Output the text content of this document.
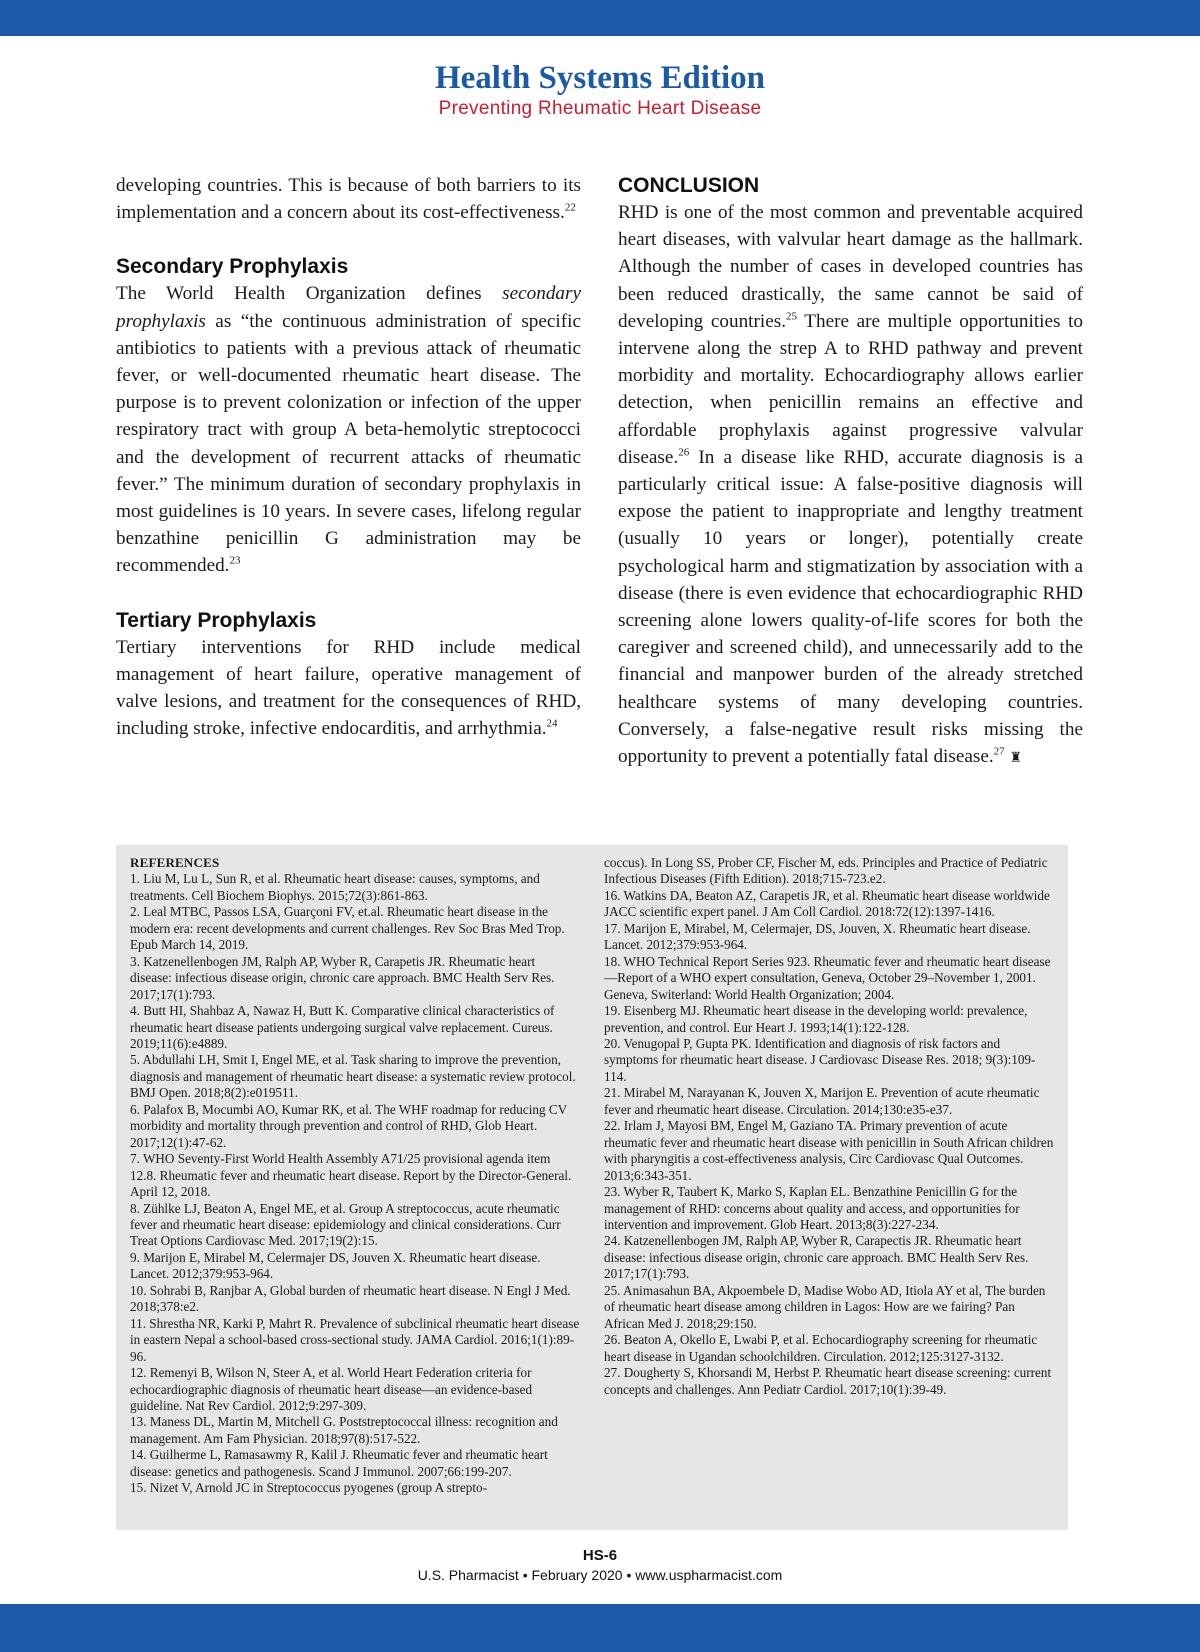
Health Systems Edition
Preventing Rheumatic Heart Disease

developing countries. This is because of both barriers to its implementation and a concern about its cost-effectiveness.$^{22}$

Secondary Prophylaxis

The World Health Organization defines secondary prophylaxis as “the continuous administration of specific antibiotics to patients with a previous attack of rheumatic fever, or well-documented rheumatic heart disease. The purpose is to prevent colonization or infection of the upper respiratory tract with group A beta-hemolytic streptococci and the development of recurrent attacks of rheumatic fever.” The minimum duration of secondary prophylaxis in most guidelines is 10 years. In severe cases, lifelong regular benzathine penicillin G administration may be recommended.$^{23}$

Tertiary Prophylaxis

Tertiary interventions for RHD include medical management of heart failure, operative management of valve lesions, and treatment for the consequences of RHD, including stroke, infective endocarditis, and arrhythmia.$^{24}$

CONCLUSION

RHD is one of the most common and preventable acquired heart diseases, with valvular heart damage as the hallmark. Although the number of cases in developed countries has been reduced drastically, the same cannot be said of developing countries.$^{25}$ There are multiple opportunities to intervene along the strep A to RHD pathway and prevent morbidity and mortality. Echocardiography allows earlier detection, when penicillin remains an effective and affordable prophylaxis against progressive valvular disease.$^{26}$ In a disease like RHD, accurate diagnosis is a particularly critical issue: A false-positive diagnosis will expose the patient to inappropriate and lengthy treatment (usually 10 years or longer), potentially create psychological harm and stigmatization by association with a disease (there is even evidence that echocardiographic RHD screening alone lowers quality-of-life scores for both the caregiver and screened child), and unnecessarily add to the financial and manpower burden of the already stretched healthcare systems of many developing countries. Conversely, a false-negative result risks missing the opportunity to prevent a potentially fatal disease.$^{27}$ ♜

REFERENCES
1. Liu M, Lu L, Sun R, et al. Rheumatic heart disease: causes, symptoms, and treatments. Cell Biochem Biophys. 2015;72(3):861-863.
2. Leal MTBC, Passos LSA, Guarçoni FV, et.al. Rheumatic heart disease in the modern era: recent developments and current challenges. Rev Soc Bras Med Trop. Epub March 14, 2019.
3. Katzenellenbogen JM, Ralph AP, Wyber R, Carapetis JR. Rheumatic heart disease: infectious disease origin, chronic care approach. BMC Health Serv Res. 2017;17(1):793.
4. Butt HI, Shahbaz A, Nawaz H, Butt K. Comparative clinical characteristics of rheumatic heart disease patients undergoing surgical valve replacement. Cureus. 2019;11(6):e4889.
5. Abdullahi LH, Smit I, Engel ME, et al. Task sharing to improve the prevention, diagnosis and management of rheumatic heart disease: a systematic review protocol. BMJ Open. 2018;8(2):e019511.
6. Palafox B, Mocumbi AO, Kumar RK, et al. The WHF roadmap for reducing CV morbidity and mortality through prevention and control of RHD, Glob Heart. 2017;12(1):47-62.
7. WHO Seventy-First World Health Assembly A71/25 provisional agenda item 12.8. Rheumatic fever and rheumatic heart disease. Report by the Director-General. April 12, 2018.
8. Zühlke LJ, Beaton A, Engel ME, et al. Group A streptococcus, acute rheumatic fever and rheumatic heart disease: epidemiology and clinical considerations. Curr Treat Options Cardiovasc Med. 2017;19(2):15.
9. Marijon E, Mirabel M, Celermajer DS, Jouven X. Rheumatic heart disease. Lancet. 2012;379:953-964.
10. Sohrabi B, Ranjbar A, Global burden of rheumatic heart disease. N Engl J Med. 2018;378:e2.
11. Shrestha NR, Karki P, Mahrt R. Prevalence of subclinical rheumatic heart disease in eastern Nepal a school-based cross-sectional study. JAMA Cardiol. 2016;1(1):89-96.
12. Remenyi B, Wilson N, Steer A, et al. World Heart Federation criteria for echocardiographic diagnosis of rheumatic heart disease—an evidence-based guideline. Nat Rev Cardiol. 2012;9:297-309.
13. Maness DL, Martin M, Mitchell G. Poststreptococcal illness: recognition and management. Am Fam Physician. 2018;97(8):517-522.
14. Guilherme L, Ramasawmy R, Kalil J. Rheumatic fever and rheumatic heart disease: genetics and pathogenesis. Scand J Immunol. 2007;66:199-207.
15. Nizet V, Arnold JC in Streptococcus pyogenes (group A strepto-
coccus). In Long SS, Prober CF, Fischer M, eds. Principles and Practice of Pediatric Infectious Diseases (Fifth Edition). 2018;715-723.e2.
16. Watkins DA, Beaton AZ, Carapetis JR, et al. Rheumatic heart disease worldwide JACC scientific expert panel. J Am Coll Cardiol. 2018:72(12):1397-1416.
17. Marijon E, Mirabel, M, Celermajer, DS, Jouven, X. Rheumatic heart disease. Lancet. 2012;379:953-964.
18. WHO Technical Report Series 923. Rheumatic fever and rheumatic heart disease—Report of a WHO expert consultation, Geneva, October 29–November 1, 2001. Geneva, Switerland: World Health Organization; 2004.
19. Eisenberg MJ. Rheumatic heart disease in the developing world: prevalence, prevention, and control. Eur Heart J. 1993;14(1):122-128.
20. Venugopal P, Gupta PK. Identification and diagnosis of risk factors and symptoms for rheumatic heart disease. J Cardiovasc Disease Res. 2018; 9(3):109-114.
21. Mirabel M, Narayanan K, Jouven X, Marijon E. Prevention of acute rheumatic fever and rheumatic heart disease. Circulation. 2014;130:e35-e37.
22. Irlam J, Mayosi BM, Engel M, Gaziano TA. Primary prevention of acute rheumatic fever and rheumatic heart disease with penicillin in South African children with pharyngitis a cost-effectiveness analysis, Circ Cardiovasc Qual Outcomes. 2013;6:343-351.
23. Wyber R, Taubert K, Marko S, Kaplan EL. Benzathine Penicillin G for the management of RHD: concerns about quality and access, and opportunities for intervention and improvement. Glob Heart. 2013;8(3):227-234.
24. Katzenellenbogen JM, Ralph AP, Wyber R, Carapectis JR. Rheumatic heart disease: infectious disease origin, chronic care approach. BMC Health Serv Res. 2017;17(1):793.
25. Animasahun BA, Akpoembele D, Madise Wobo AD, Itiola AY et al, The burden of rheumatic heart disease among children in Lagos: How are we fairing? Pan African Med J. 2018;29:150.
26. Beaton A, Okello E, Lwabi P, et al. Echocardiography screening for rheumatic heart disease in Ugandan schoolchildren. Circulation. 2012;125:3127-3132.
27. Dougherty S, Khorsandi M, Herbst P. Rheumatic heart disease screening: current concepts and challenges. Ann Pediatr Cardiol. 2017;10(1):39-49.
HS-6
U.S. Pharmacist • February 2020 • www.uspharmacist.com
